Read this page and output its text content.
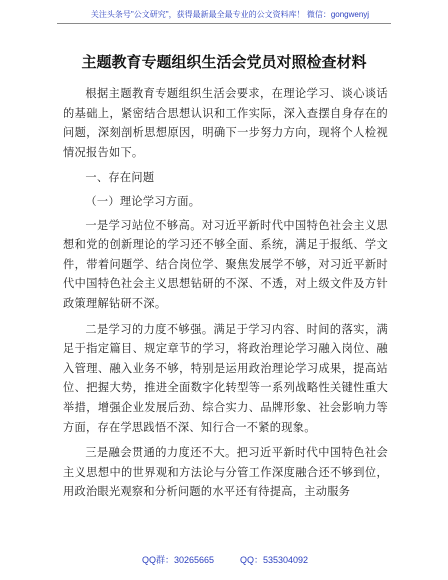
关注头条号"公文研究"，获得最新最全最专业的公文资料库！ 微信：gongwenyj
主题教育专题组织生活会党员对照检查材料

根据主题教育专题组织生活会要求，在理论学习、谈心谈话的基础上，紧密结合思想认识和工作实际，深入查摆自身存在的问题，深刻剖析思想原因，明确下一步努力方向，现将个人检视情况报告如下。

一、存在问题

（一）理论学习方面。

一是学习站位不够高。对习近平新时代中国特色社会主义思想和党的创新理论的学习还不够全面、系统，满足于报纸、学文件，带着问题学、结合岗位学、聚焦发展学不够，对习近平新时代中国特色社会主义思想钻研的不深、不透，对上级文件及方针政策理解钻研不深。

二是学习的力度不够强。满足于学习内容、时间的落实，满足于指定篇目、规定章节的学习，将政治理论学习融入岗位、融入管理、融入业务不够，特别是运用政治理论学习成果，提高站位、把握大势，推进全面数字化转型等一系列战略性关键性重大举措，增强企业发展后劲、综合实力、品牌形象、社会影响力等方面，存在学思践悟不深、知行合一不紧的现象。

三是融会贯通的力度还不大。把习近平新时代中国特色社会主义思想中的世界观和方法论与分管工作深度融合还不够到位，用政治眼光观察和分析问题的水平还有待提高，主动服务

QQ群：30265665	QQ：535304092
